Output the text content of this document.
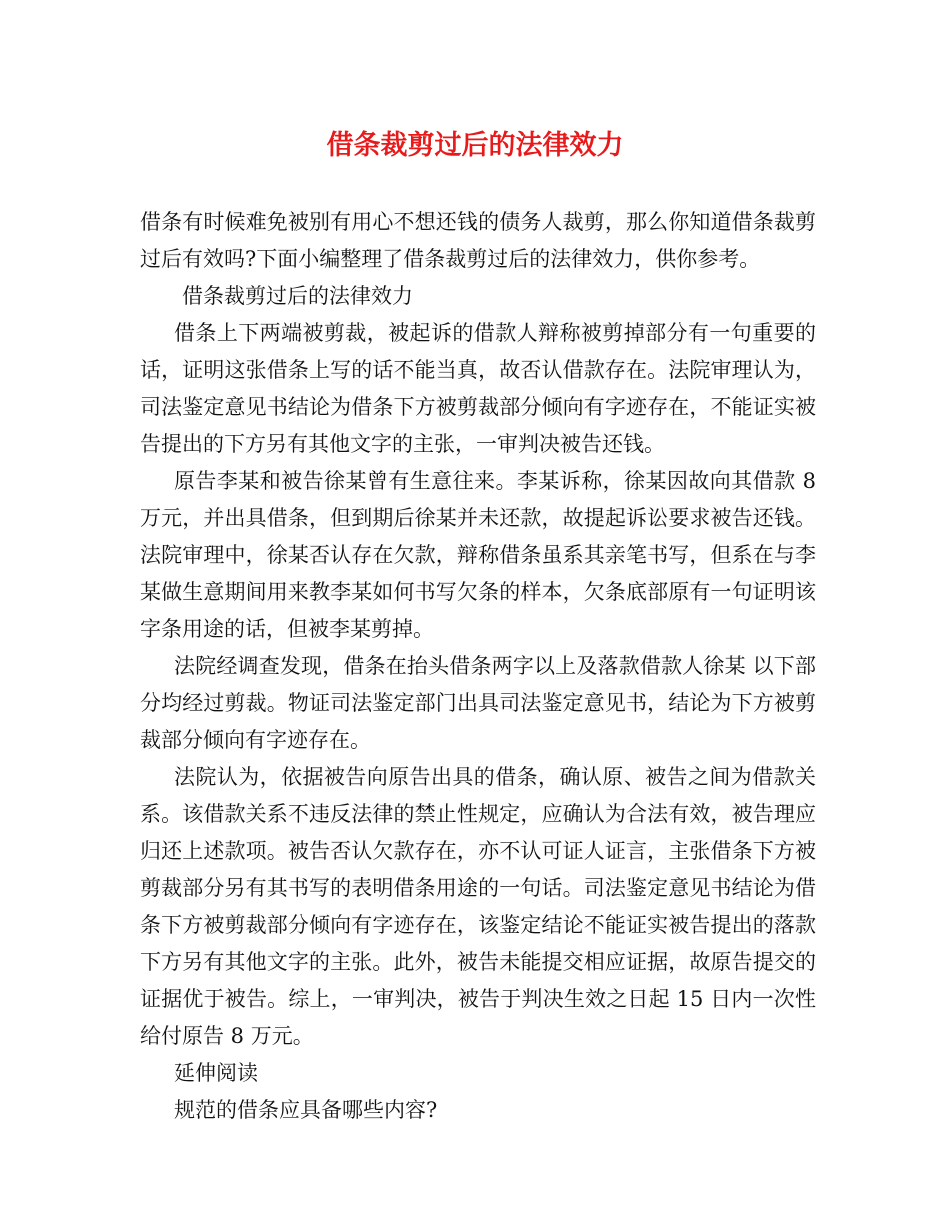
借条裁剪过后的法律效力

借条有时候难免被别有用心不想还钱的债务人裁剪，那么你知道借条裁剪过后有效吗?下面小编整理了借条裁剪过后的法律效力，供你参考。

借条裁剪过后的法律效力

借条上下两端被剪裁，被起诉的借款人辩称被剪掉部分有一句重要的话，证明这张借条上写的话不能当真，故否认借款存在。法院审理认为，司法鉴定意见书结论为借条下方被剪裁部分倾向有字迹存在，不能证实被告提出的下方另有其他文字的主张，一审判决被告还钱。

原告李某和被告徐某曾有生意往来。李某诉称，徐某因故向其借款 8 万元，并出具借条，但到期后徐某并未还款，故提起诉讼要求被告还钱。法院审理中，徐某否认存在欠款，辩称借条虽系其亲笔书写，但系在与李某做生意期间用来教李某如何书写欠条的样本，欠条底部原有一句证明该字条用途的话，但被李某剪掉。

法院经调查发现，借条在抬头借条两字以上及落款借款人徐某 以下部分均经过剪裁。物证司法鉴定部门出具司法鉴定意见书，结论为下方被剪裁部分倾向有字迹存在。

法院认为，依据被告向原告出具的借条，确认原、被告之间为借款关系。该借款关系不违反法律的禁止性规定，应确认为合法有效，被告理应归还上述款项。被告否认欠款存在，亦不认可证人证言，主张借条下方被剪裁部分另有其书写的表明借条用途的一句话。司法鉴定意见书结论为借条下方被剪裁部分倾向有字迹存在，该鉴定结论不能证实被告提出的落款下方另有其他文字的主张。此外，被告未能提交相应证据，故原告提交的证据优于被告。综上，一审判决，被告于判决生效之日起 15 日内一次性给付原告 8 万元。

延伸阅读

规范的借条应具备哪些内容?
